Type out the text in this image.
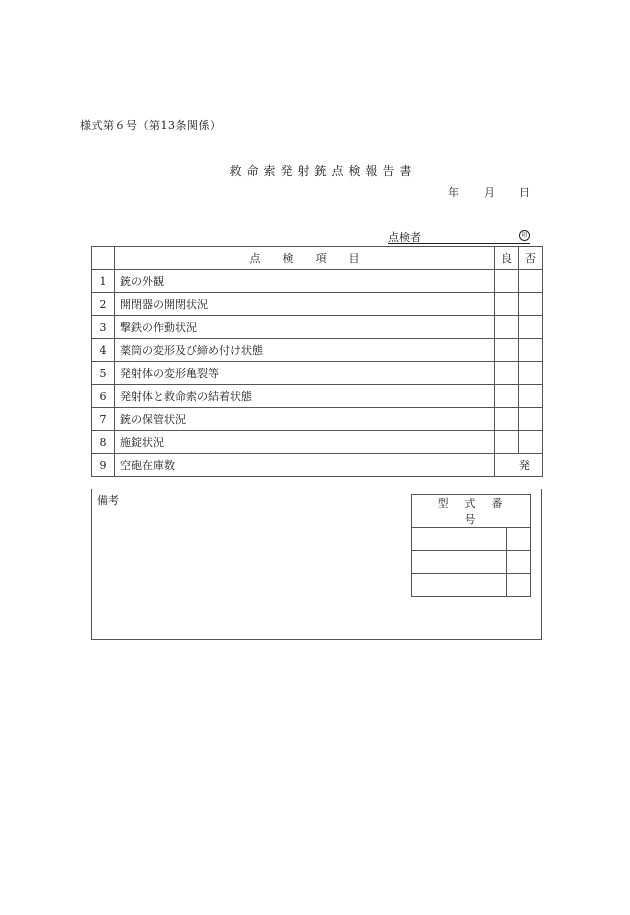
様式第６号（第13条関係）
救命索発射銃点検報告書
年 月 日
点検者	印
	点検項目	良	否
1	銃の外観		
2	開閉器の開閉状況		
3	撃鉄の作動状況		
4	薬筒の変形及び締め付け状態		
5	発射体の変形亀裂等		
6	発射体と救命索の結着状態		
7	銃の保管状況		
8	施錠状況		
9	空砲在庫数	発	
備考	型式番号	
